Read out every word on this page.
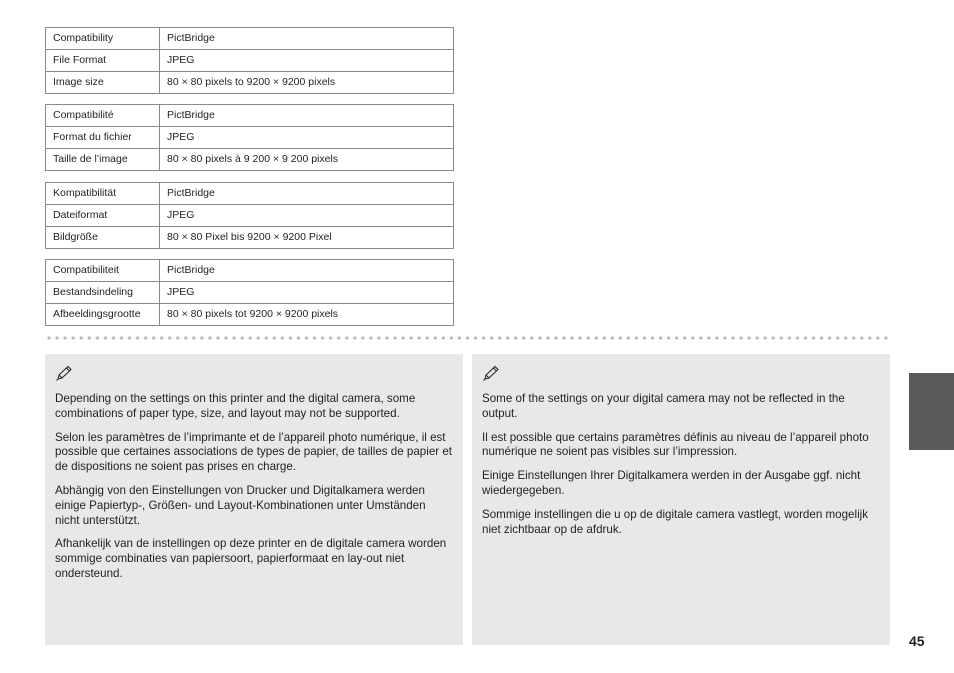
Compatibility	PictBridge
File Format	JPEG
Image size	80 × 80 pixels to 9200 × 9200 pixels
Compatibilité	PictBridge
Format du fichier	JPEG
Taille de l’image	80 × 80 pixels à 9 200 × 9 200 pixels
Kompatibilität	PictBridge
Dateiformat	JPEG
Bildgröße	80 × 80 Pixel bis 9200 × 9200 Pixel
Compatibiliteit	PictBridge
Bestandsindeling	JPEG
Afbeeldingsgrootte	80 × 80 pixels tot 9200 × 9200 pixels

Depending on the settings on this printer and the digital camera, some combinations of paper type, size, and layout may not be supported.

Selon les paramètres de l’imprimante et de l’appareil photo numérique, il est possible que certaines associations de types de papier, de tailles de papier et de dispositions ne soient pas prises en charge.

Abhängig von den Einstellungen von Drucker und Digitalkamera werden einige Papiertyp-, Größen- und Layout-Kombinationen unter Umständen nicht unterstützt.

Afhankelijk van de instellingen op deze printer en de digitale camera worden sommige combinaties van papiersoort, papierformaat en lay-out niet ondersteund.

Some of the settings on your digital camera may not be reflected in the output.

Il est possible que certains paramètres définis au niveau de l’appareil photo numérique ne soient pas visibles sur l’impression.

Einige Einstellungen Ihrer Digitalkamera werden in der Ausgabe ggf. nicht wiedergegeben.

Sommige instellingen die u op de digitale camera vastlegt, worden mogelijk niet zichtbaar op de afdruk.

45
